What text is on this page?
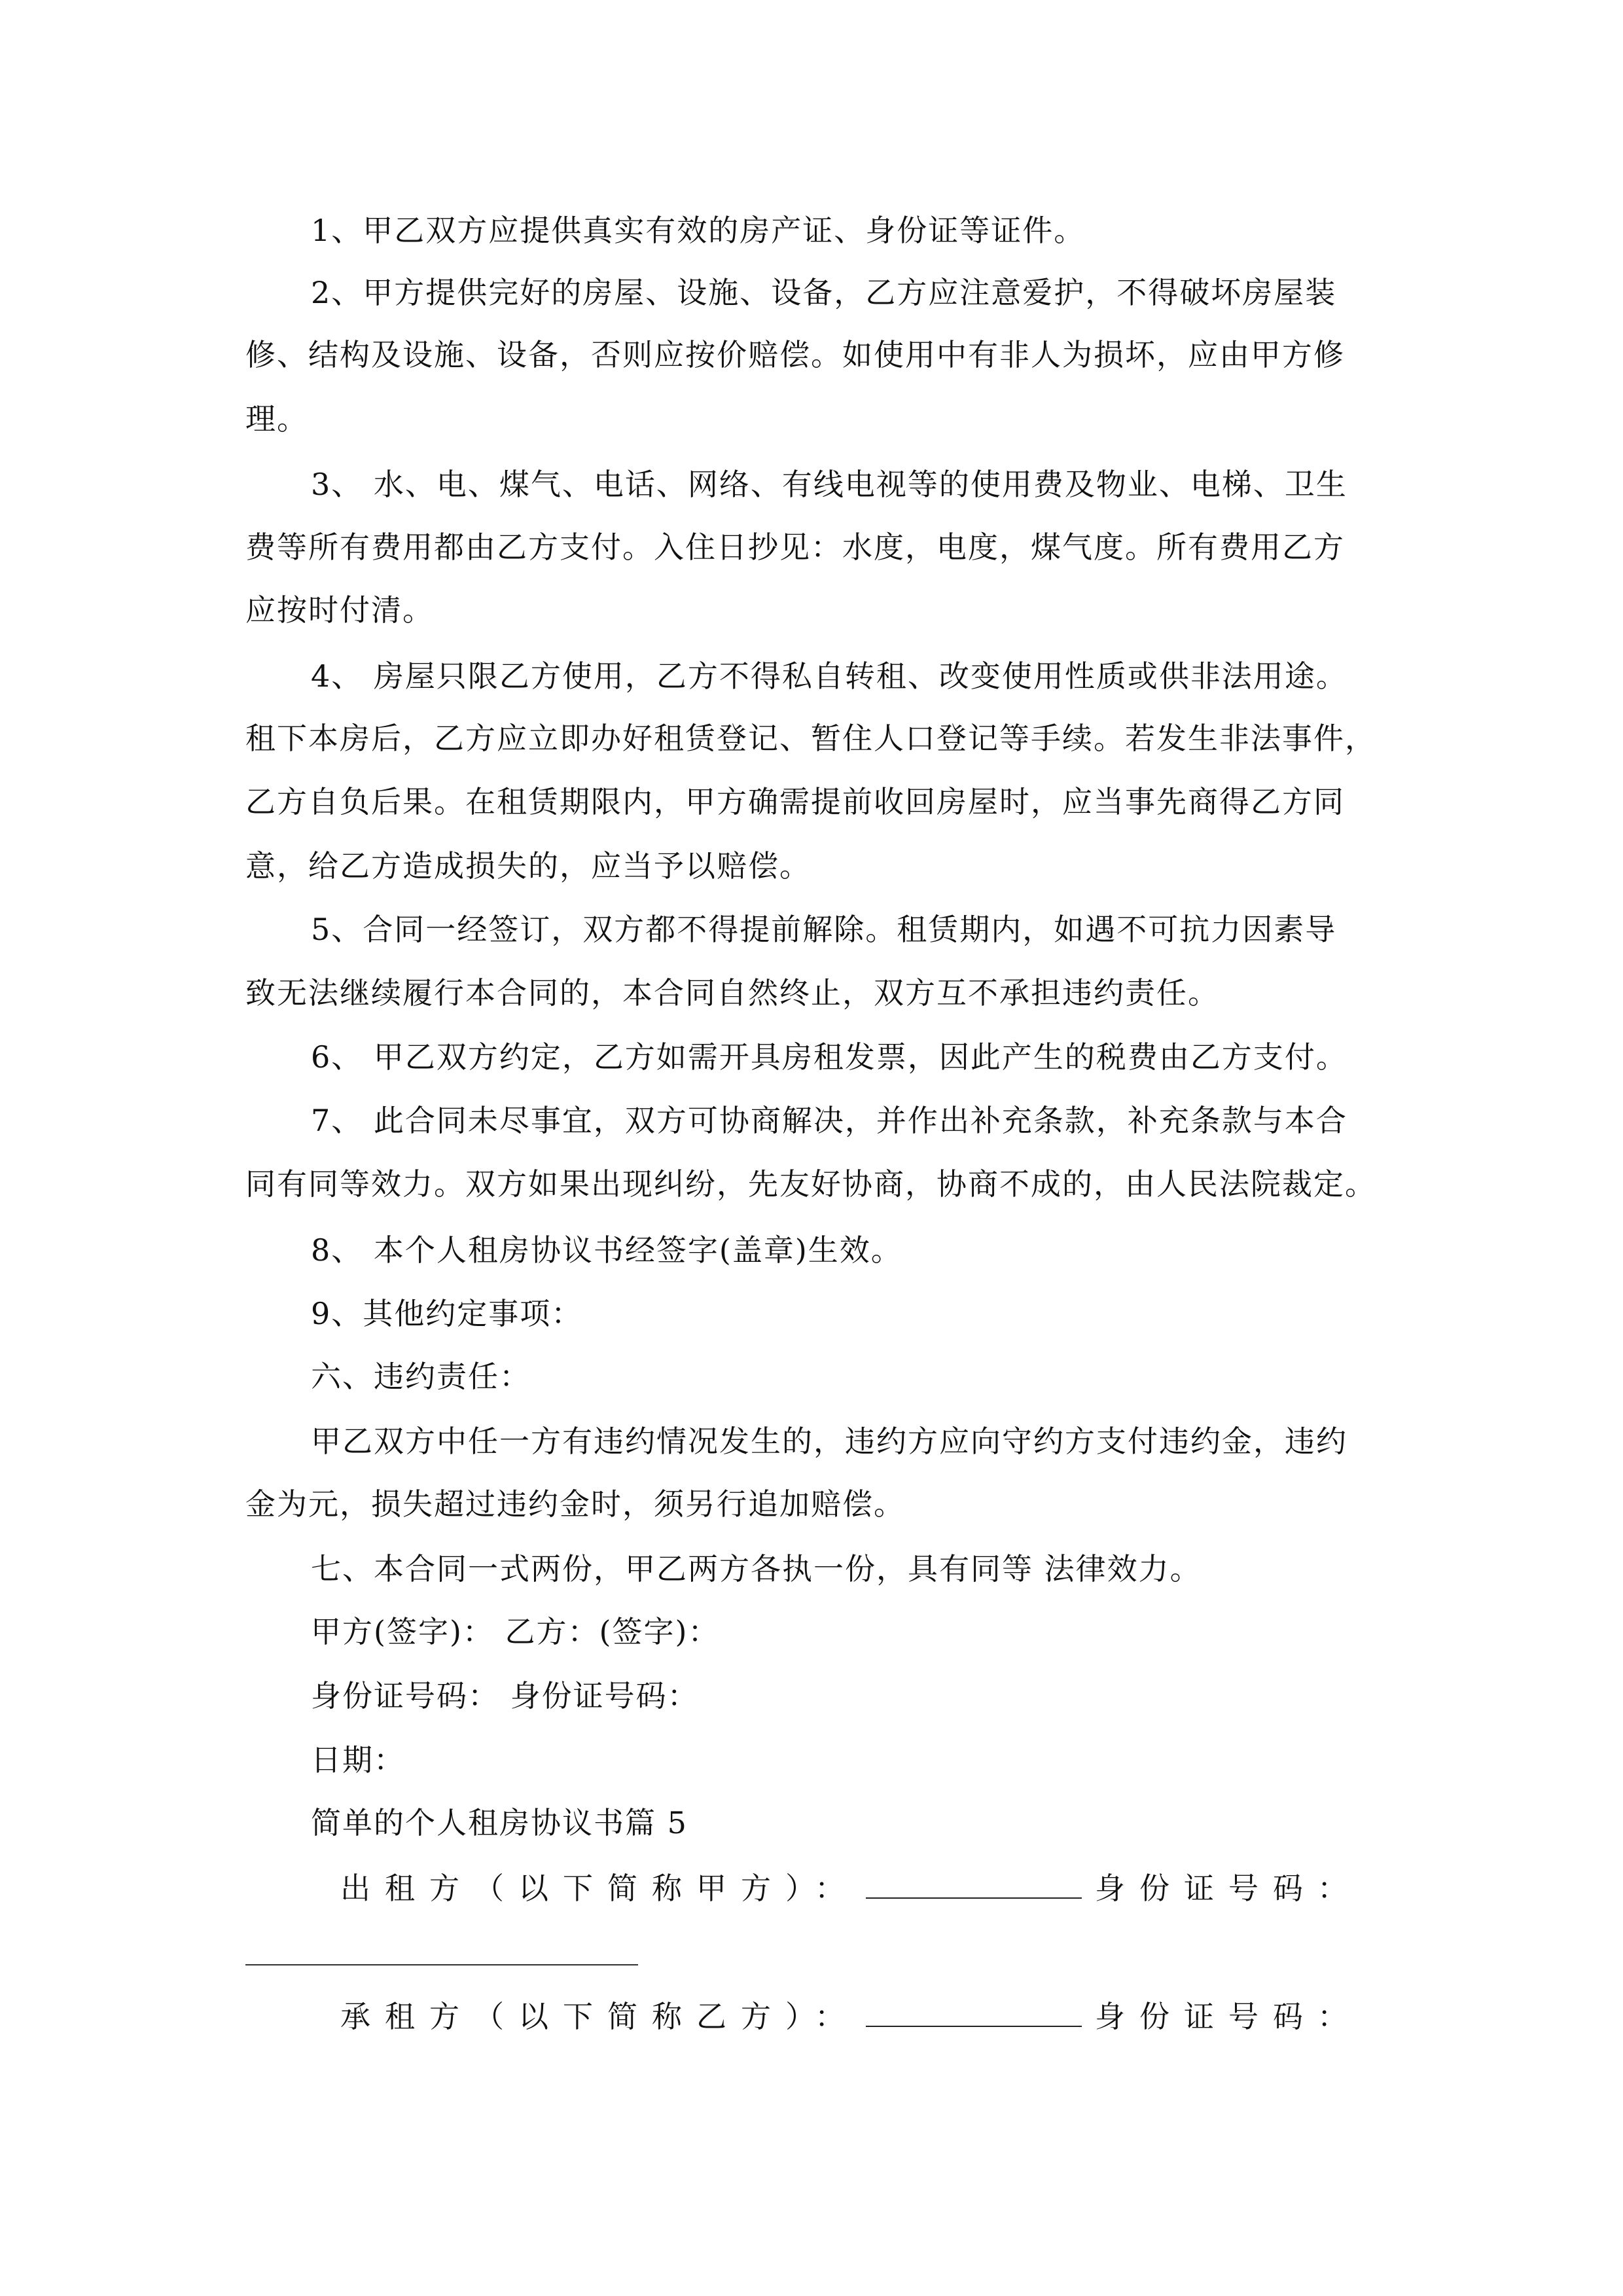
1、甲乙双方应提供真实有效的房产证、身份证等证件。
2、甲方提供完好的房屋、设施、设备，乙方应注意爱护，不得破坏房屋装
修、结构及设施、设备，否则应按价赔偿。如使用中有非人为损坏，应由甲方修
理。
3、 水、电、煤气、电话、网络、有线电视等的使用费及物业、电梯、卫生
费等所有费用都由乙方支付。入住日抄见：水度，电度，煤气度。所有费用乙方
应按时付清。
4、 房屋只限乙方使用，乙方不得私自转租、改变使用性质或供非法用途。
租下本房后，乙方应立即办好租赁登记、暂住人口登记等手续。若发生非法事件，
乙方自负后果。在租赁期限内，甲方确需提前收回房屋时，应当事先商得乙方同
意，给乙方造成损失的，应当予以赔偿。
5、合同一经签订，双方都不得提前解除。租赁期内，如遇不可抗力因素导
致无法继续履行本合同的，本合同自然终止，双方互不承担违约责任。
6、 甲乙双方约定，乙方如需开具房租发票，因此产生的税费由乙方支付。
7、 此合同未尽事宜，双方可协商解决，并作出补充条款，补充条款与本合
同有同等效力。双方如果出现纠纷，先友好协商，协商不成的，由人民法院裁定。
8、 本个人租房协议书经签字(盖章)生效。
9、其他约定事项：
六、违约责任：
甲乙双方中任一方有违约情况发生的，违约方应向守约方支付违约金，违约
金为元，损失超过违约金时，须另行追加赔偿。
七、本合同一式两份，甲乙两方各执一份，具有同等 法律效力。
甲方(签字)： 乙方：(签字)：
身份证号码： 身份证号码：
日期：
简单的个人租房协议书篇 5
出租方（以下简称甲方）：	身份证号码：
承租方（以下简称乙方）：	身份证号码：
